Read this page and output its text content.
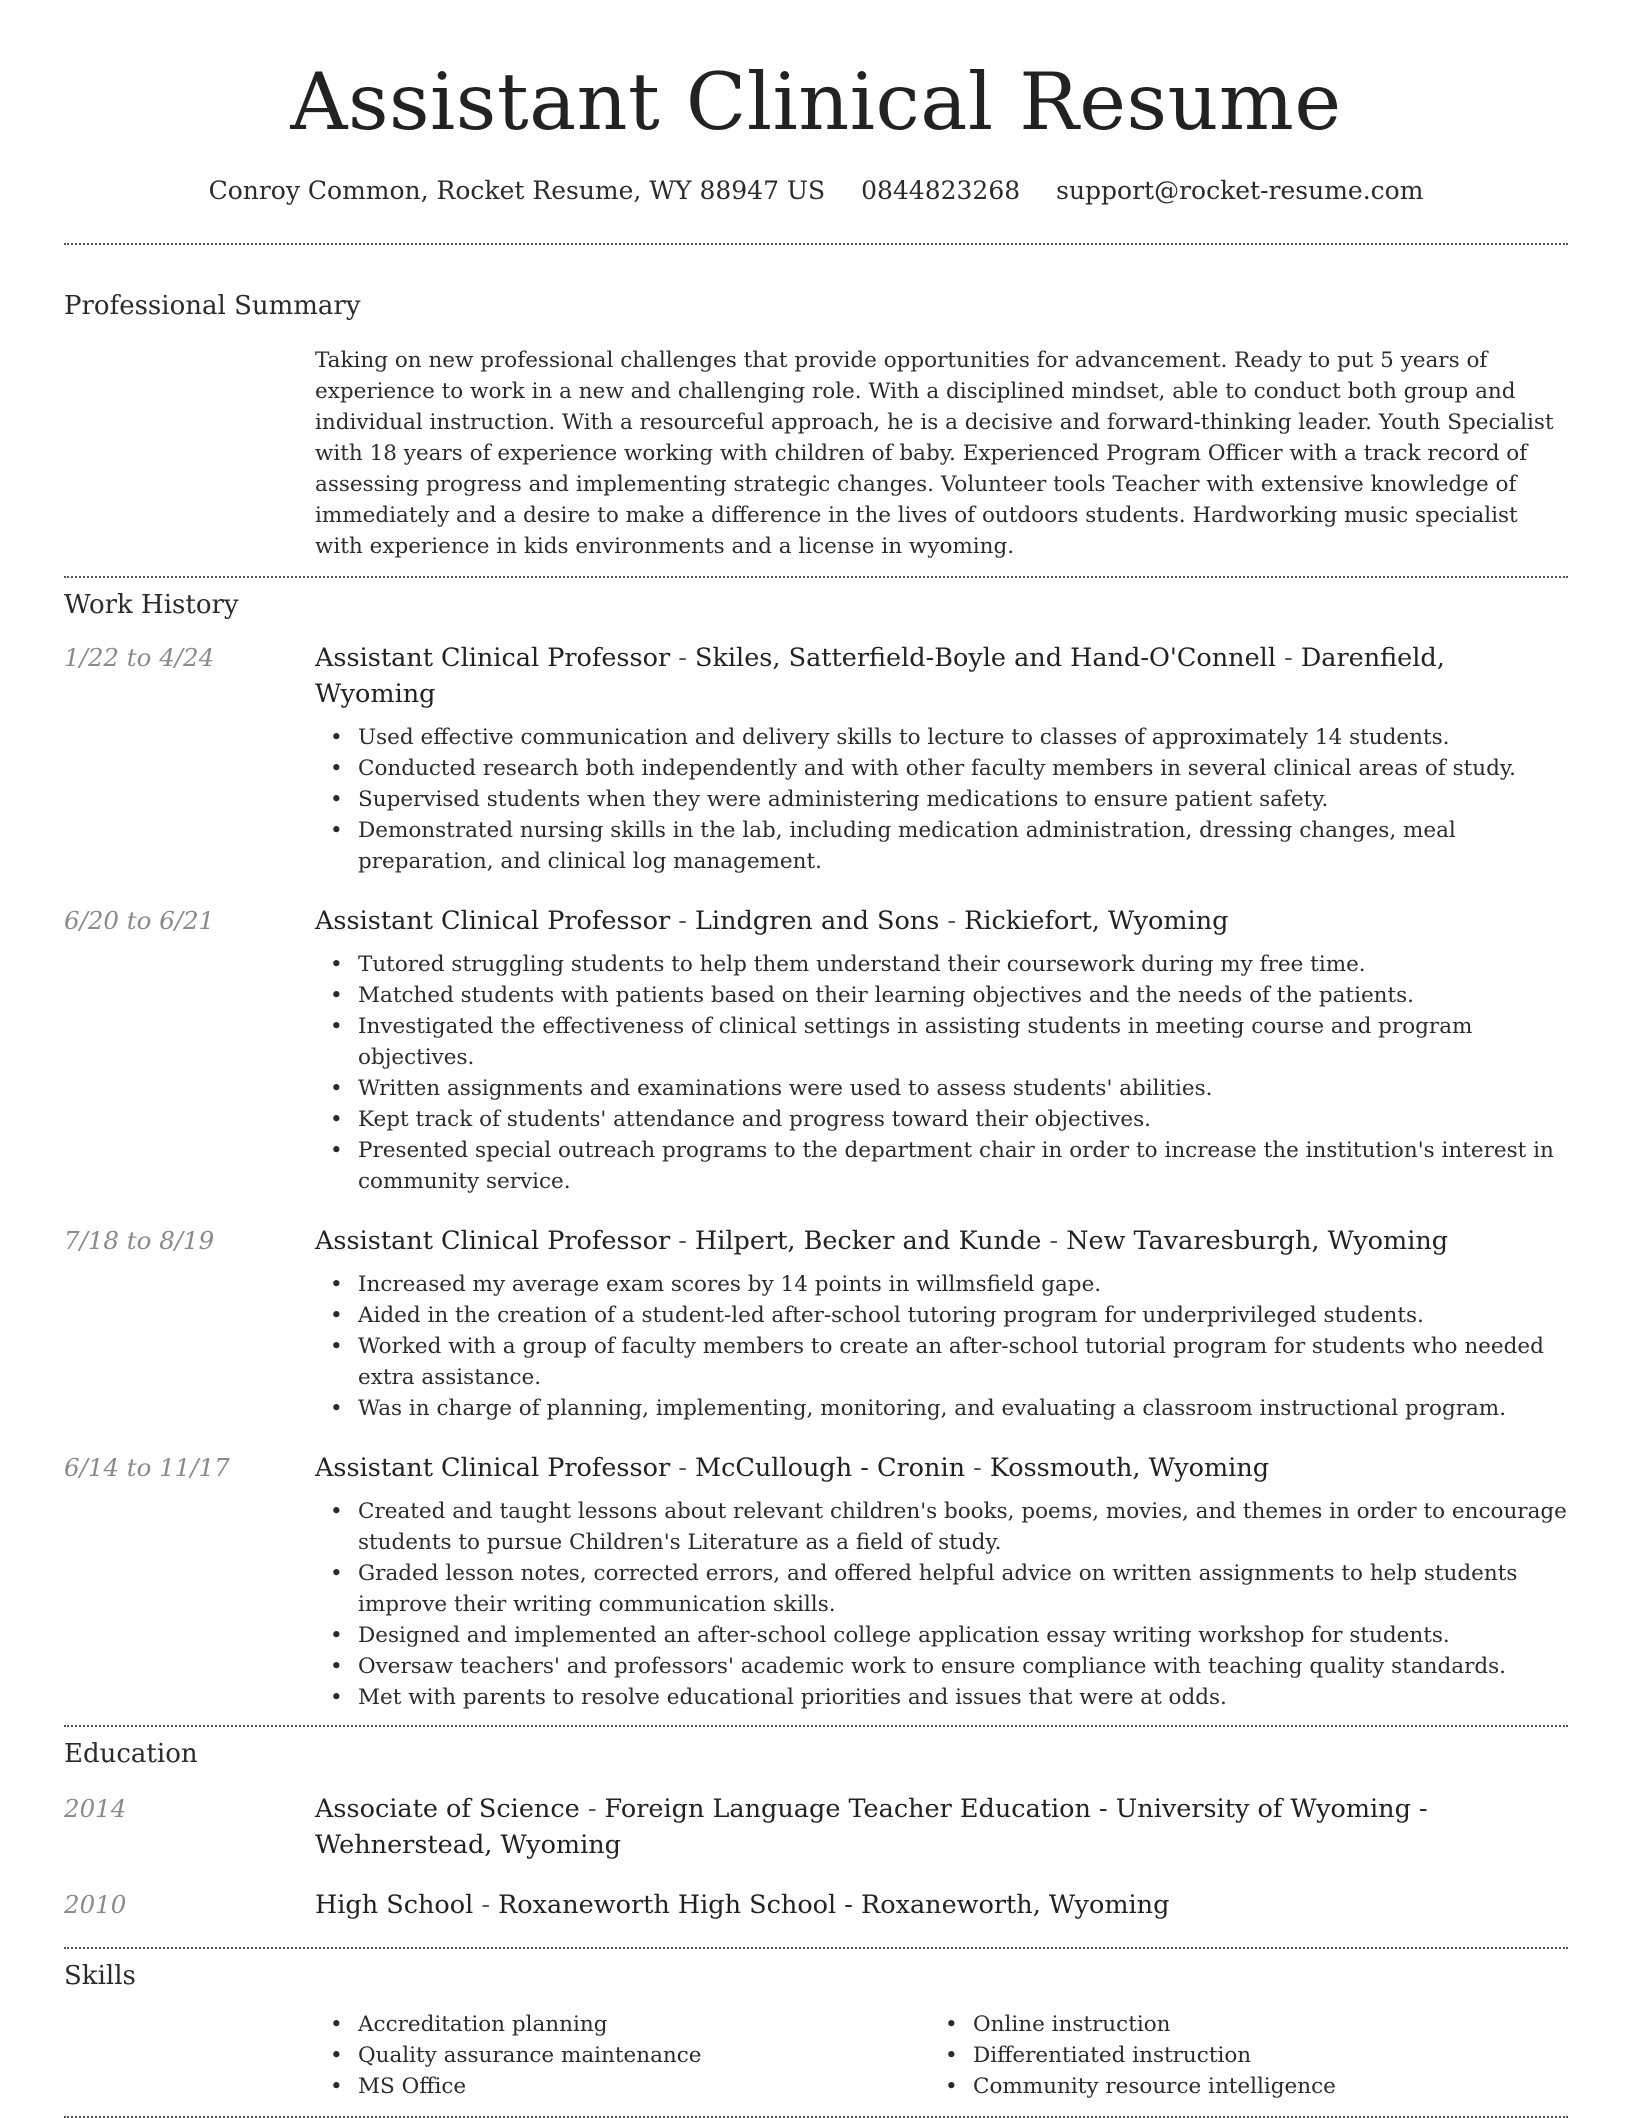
Assistant Clinical Resume
Conroy Common, Rocket Resume, WY 88947 US 0844823268 support@rocket-resume.com
Professional Summary
Taking on new professional challenges that provide opportunities for advancement. Ready to put 5 years of experience to work in a new and challenging role. With a disciplined mindset, able to conduct both group and individual instruction. With a resourceful approach, he is a decisive and forward-thinking leader. Youth Specialist with 18 years of experience working with children of baby. Experienced Program Officer with a track record of assessing progress and implementing strategic changes. Volunteer tools Teacher with extensive knowledge of immediately and a desire to make a difference in the lives of outdoors students. Hardworking music specialist with experience in kids environments and a license in wyoming.
Work History
1/22 to 4/24	Assistant Clinical Professor - Skiles, Satterfield-Boyle and Hand-O'Connell - Darenfield, Wyoming
• Used effective communication and delivery skills to lecture to classes of approximately 14 students.
• Conducted research both independently and with other faculty members in several clinical areas of study.
• Supervised students when they were administering medications to ensure patient safety.
• Demonstrated nursing skills in the lab, including medication administration, dressing changes, meal preparation, and clinical log management.
6/20 to 6/21	Assistant Clinical Professor - Lindgren and Sons - Rickiefort, Wyoming
• Tutored struggling students to help them understand their coursework during my free time.
• Matched students with patients based on their learning objectives and the needs of the patients.
• Investigated the effectiveness of clinical settings in assisting students in meeting course and program objectives.
• Written assignments and examinations were used to assess students' abilities.
• Kept track of students' attendance and progress toward their objectives.
• Presented special outreach programs to the department chair in order to increase the institution's interest in community service.
7/18 to 8/19	Assistant Clinical Professor - Hilpert, Becker and Kunde - New Tavaresburgh, Wyoming
• Increased my average exam scores by 14 points in willmsfield gape.
• Aided in the creation of a student-led after-school tutoring program for underprivileged students.
• Worked with a group of faculty members to create an after-school tutorial program for students who needed extra assistance.
• Was in charge of planning, implementing, monitoring, and evaluating a classroom instructional program.
6/14 to 11/17	Assistant Clinical Professor - McCullough - Cronin - Kossmouth, Wyoming
• Created and taught lessons about relevant children's books, poems, movies, and themes in order to encourage students to pursue Children's Literature as a field of study.
• Graded lesson notes, corrected errors, and offered helpful advice on written assignments to help students improve their writing communication skills.
• Designed and implemented an after-school college application essay writing workshop for students.
• Oversaw teachers' and professors' academic work to ensure compliance with teaching quality standards.
• Met with parents to resolve educational priorities and issues that were at odds.
Education
2014	Associate of Science - Foreign Language Teacher Education - University of Wyoming - Wehnerstead, Wyoming
2010	High School - Roxaneworth High School - Roxaneworth, Wyoming
Skills
• Accreditation planning
• Quality assurance maintenance
• MS Office
• Online instruction
• Differentiated instruction
• Community resource intelligence
